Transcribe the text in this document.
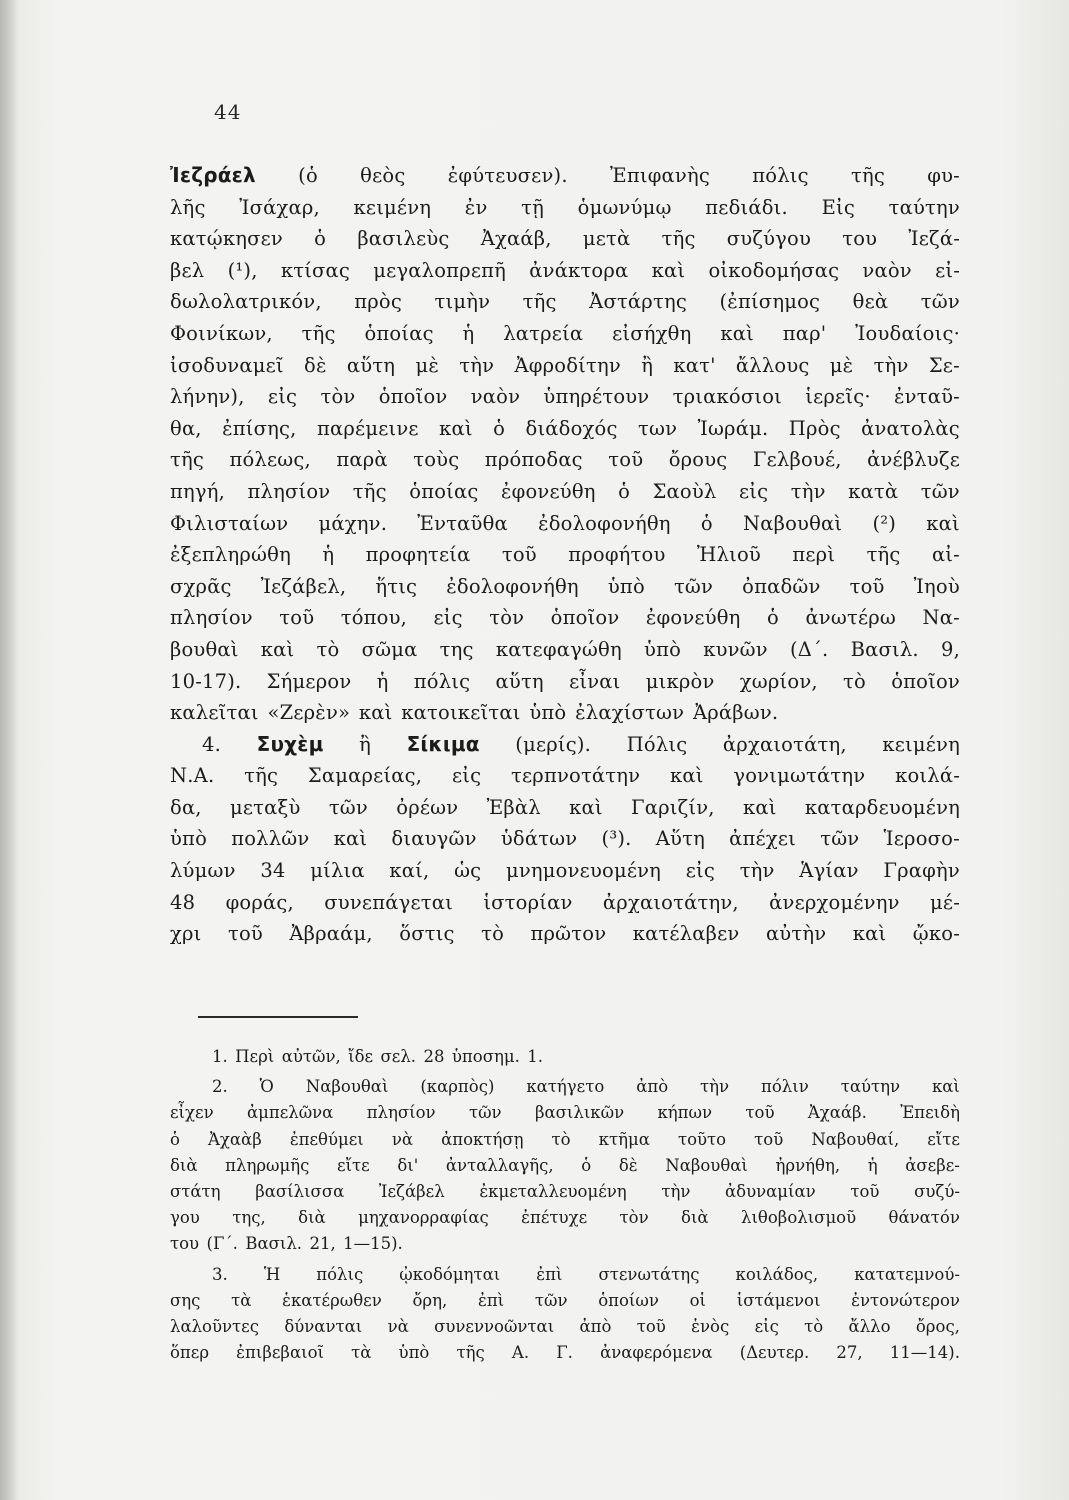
44
Ἰεζράελ (ὁ θεὸς ἐφύτευσεν). Ἐπιφανὴς πόλις τῆς φυ-
λῆς Ἰσάχαρ, κειμένη ἐν τῇ ὁμωνύμῳ πεδιάδι. Εἰς ταύτην
κατῴκησεν ὁ βασιλεὺς Ἀχαάβ, μετὰ τῆς συζύγου του Ἰεζά-
βελ (¹), κτίσας μεγαλοπρεπῆ ἀνάκτορα καὶ οἰκοδομήσας ναὸν εἰ-
δωλολατρικόν, πρὸς τιμὴν τῆς Ἀστάρτης (ἐπίσημος θεὰ τῶν
Φοινίκων, τῆς ὁποίας ἡ λατρεία εἰσήχθη καὶ παρ' Ἰουδαίοις·
ἰσοδυναμεῖ δὲ αὕτη μὲ τὴν Ἀφροδίτην ἢ κατ' ἄλλους μὲ τὴν Σε-
λήνην), εἰς τὸν ὁποῖον ναὸν ὑπηρέτουν τριακόσιοι ἱερεῖς· ἐνταῦ-
θα, ἐπίσης, παρέμεινε καὶ ὁ διάδοχός των Ἰωράμ. Πρὸς ἀνατολὰς
τῆς πόλεως, παρὰ τοὺς πρόποδας τοῦ ὄρους Γελβουέ, ἀνέβλυζε
πηγή, πλησίον τῆς ὁποίας ἐφονεύθη ὁ Σαοὺλ εἰς τὴν κατὰ τῶν
Φιλισταίων μάχην. Ἐνταῦθα ἐδολοφονήθη ὁ Ναβουθαὶ (²) καὶ
ἐξεπληρώθη ἡ προφητεία τοῦ προφήτου Ἠλιοῦ περὶ τῆς αἰ-
σχρᾶς Ἰεζάβελ, ἥτις ἐδολοφονήθη ὑπὸ τῶν ὀπαδῶν τοῦ Ἰηοὺ
πλησίον τοῦ τόπου, εἰς τὸν ὁποῖον ἐφονεύθη ὁ ἀνωτέρω Να-
βουθαὶ καὶ τὸ σῶμα της κατεφαγώθη ὑπὸ κυνῶν (Δ΄. Βασιλ. 9,
10-17). Σήμερον ἡ πόλις αὕτη εἶναι μικρὸν χωρίον, τὸ ὁποῖον
καλεῖται «Ζερὲν» καὶ κατοικεῖται ὑπὸ ἐλαχίστων Ἀράβων.
4. Συχὲμ ἢ Σίκιμα (μερίς). Πόλις ἀρχαιοτάτη, κειμένη
Ν.Α. τῆς Σαμαρείας, εἰς τερπνοτάτην καὶ γονιμωτάτην κοιλά-
δα, μεταξὺ τῶν ὀρέων Ἐβὰλ καὶ Γαριζίν, καὶ καταρδευομένη
ὑπὸ πολλῶν καὶ διαυγῶν ὑδάτων (³). Αὕτη ἀπέχει τῶν Ἱεροσο-
λύμων 34 μίλια καί, ὡς μνημονευομένη εἰς τὴν Ἁγίαν Γραφὴν
48 φοράς, συνεπάγεται ἱστορίαν ἀρχαιοτάτην, ἀνερχομένην μέ-
χρι τοῦ Ἀβραάμ, ὅστις τὸ πρῶτον κατέλαβεν αὐτὴν καὶ ᾤκο-
1. Περὶ αὐτῶν, ἴδε σελ. 28 ὑποσημ. 1.
2. Ὁ Ναβουθαὶ (καρπὸς) κατήγετο ἀπὸ τὴν πόλιν ταύτην καὶ
εἶχεν ἀμπελῶνα πλησίον τῶν βασιλικῶν κήπων τοῦ Ἀχαάβ. Ἐπειδὴ
ὁ Ἀχαὰβ ἐπεθύμει νὰ ἀποκτήσῃ τὸ κτῆμα τοῦτο τοῦ Ναβουθαί, εἴτε
διὰ πληρωμῆς εἴτε δι' ἀνταλλαγῆς, ὁ δὲ Ναβουθαὶ ἠρνήθη, ἡ ἀσεβε-
στάτη βασίλισσα Ἰεζάβελ ἐκμεταλλευομένη τὴν ἀδυναμίαν τοῦ συζύ-
γου της, διὰ μηχανορραφίας ἐπέτυχε τὸν διὰ λιθοβολισμοῦ θάνατόν
του (Γ΄. Βασιλ. 21, 1—15).
3. Ἡ πόλις ᾠκοδόμηται ἐπὶ στενωτάτης κοιλάδος, κατατεμνού-
σης τὰ ἑκατέρωθεν ὄρη, ἐπὶ τῶν ὁποίων οἱ ἱστάμενοι ἐντονώτερον
λαλοῦντες δύνανται νὰ συνεννοῶνται ἀπὸ τοῦ ἑνὸς εἰς τὸ ἄλλο ὄρος,
ὅπερ ἐπιβεβαιοῖ τὰ ὑπὸ τῆς Α. Γ. ἀναφερόμενα (Δευτερ. 27, 11—14).
